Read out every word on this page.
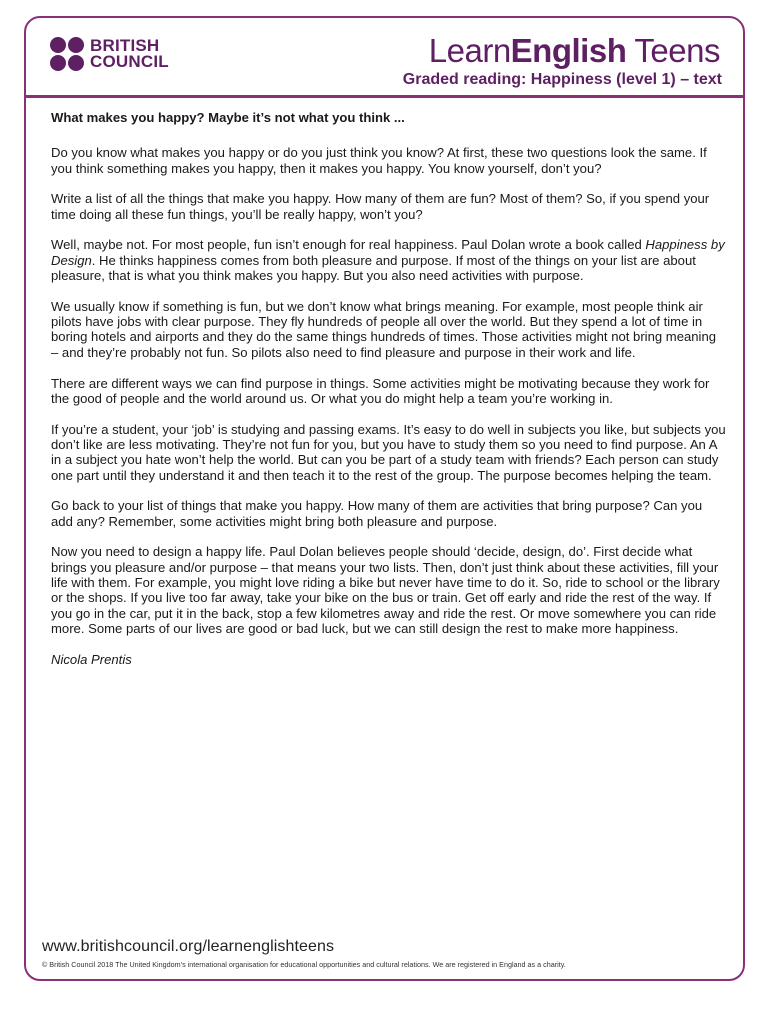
BRITISH
COUNCIL	LearnEnglish Teens
Graded reading: Happiness (level 1) – text
What makes you happy? Maybe it’s not what you think ...

Do you know what makes you happy or do you just think you know? At first, these two questions look the same. If you think something makes you happy, then it makes you happy. You know yourself, don’t you?

Write a list of all the things that make you happy. How many of them are fun? Most of them? So, if you spend your time doing all these fun things, you’ll be really happy, won’t you?

Well, maybe not. For most people, fun isn’t enough for real happiness. Paul Dolan wrote a book called Happiness by Design. He thinks happiness comes from both pleasure and purpose. If most of the things on your list are about pleasure, that is what you think makes you happy. But you also need activities with purpose.

We usually know if something is fun, but we don’t know what brings meaning. For example, most people think air pilots have jobs with clear purpose. They fly hundreds of people all over the world. But they spend a lot of time in boring hotels and airports and they do the same things hundreds of times. Those activities might not bring meaning – and they’re probably not fun. So pilots also need to find pleasure and purpose in their work and life.

There are different ways we can find purpose in things. Some activities might be motivating because they work for the good of people and the world around us. Or what you do might help a team you’re working in.

If you’re a student, your ‘job’ is studying and passing exams. It’s easy to do well in subjects you like, but subjects you don’t like are less motivating. They’re not fun for you, but you have to study them so you need to find purpose. An A in a subject you hate won’t help the world. But can you be part of a study team with friends? Each person can study one part until they understand it and then teach it to the rest of the group. The purpose becomes helping the team.

Go back to your list of things that make you happy. How many of them are activities that bring purpose? Can you add any? Remember, some activities might bring both pleasure and purpose.

Now you need to design a happy life. Paul Dolan believes people should ‘decide, design, do’. First decide what brings you pleasure and/or purpose – that means your two lists. Then, don’t just think about these activities, fill your life with them. For example, you might love riding a bike but never have time to do it. So, ride to school or the library or the shops. If you live too far away, take your bike on the bus or train. Get off early and ride the rest of the way. If you go in the car, put it in the back, stop a few kilometres away and ride the rest. Or move somewhere you can ride more. Some parts of our lives are good or bad luck, but we can still design the rest to make more happiness.

Nicola Prentis

www.britishcouncil.org/learnenglishteens
© British Council 2018 The United Kingdom’s international organisation for educational opportunities and cultural relations. We are registered in England as a charity.
